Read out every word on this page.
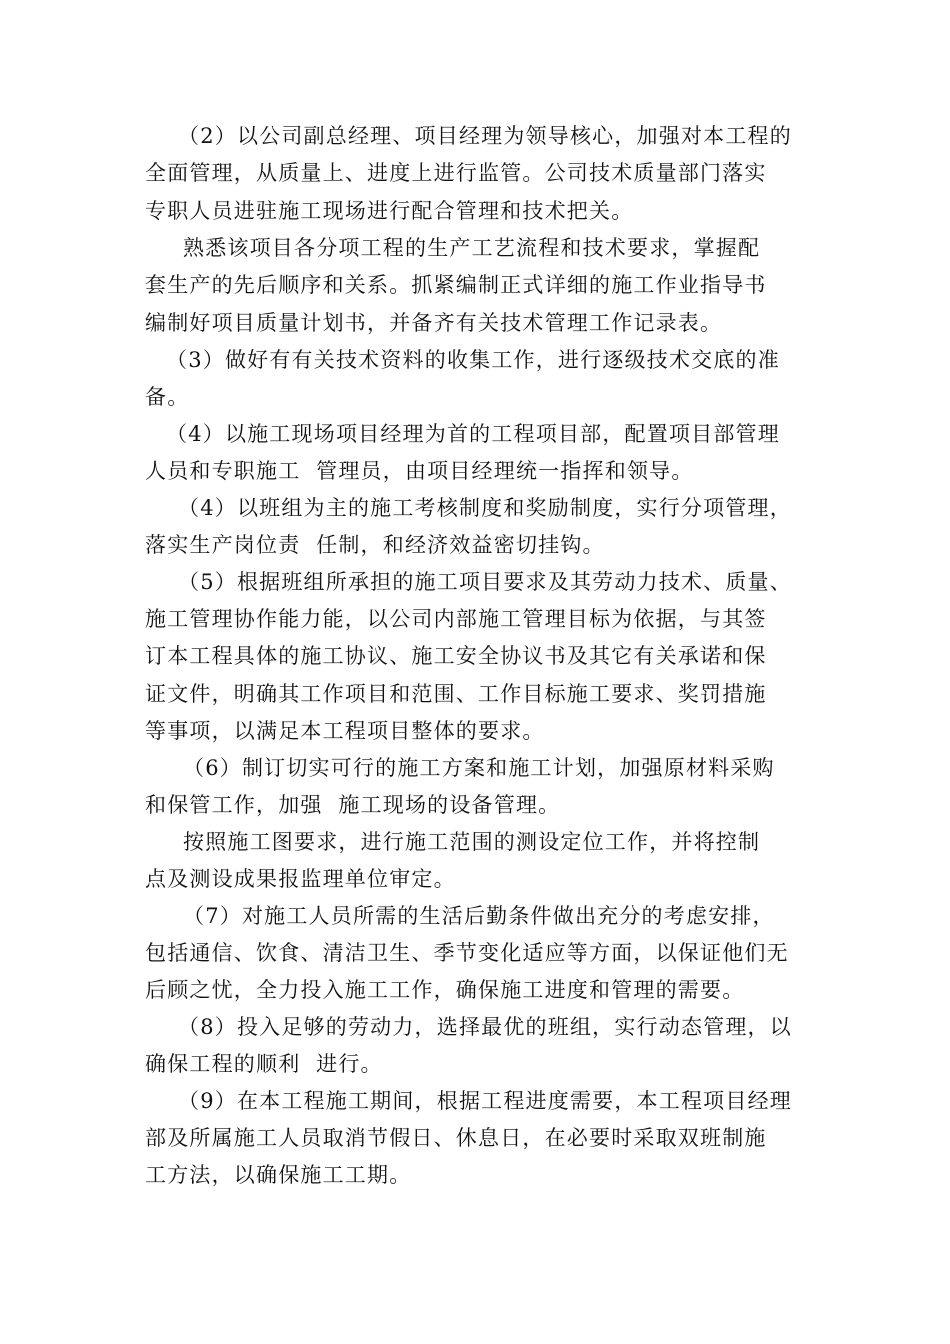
（2）以公司副总经理、项目经理为领导核心，加强对本工程的
全面管理，从质量上、进度上进行监管。公司技术质量部门落实
专职人员进驻施工现场进行配合管理和技术把关。
熟悉该项目各分项工程的生产工艺流程和技术要求，掌握配
套生产的先后顺序和关系。抓紧编制正式详细的施工作业指导书
编制好项目质量计划书，并备齐有关技术管理工作记录表。
（3）做好有有关技术资料的收集工作，进行逐级技术交底的准
备。
（4）以施工现场项目经理为首的工程项目部，配置项目部管理
人员和专职施工  管理员，由项目经理统一指挥和领导。
（4）以班组为主的施工考核制度和奖励制度，实行分项管理，
落实生产岗位责  任制，和经济效益密切挂钩。
（5）根据班组所承担的施工项目要求及其劳动力技术、质量、
施工管理协作能力能，以公司内部施工管理目标为依据，与其签
订本工程具体的施工协议、施工安全协议书及其它有关承诺和保
证文件，明确其工作项目和范围、工作目标施工要求、奖罚措施
等事项，以满足本工程项目整体的要求。
（6）制订切实可行的施工方案和施工计划，加强原材料采购
和保管工作，加强  施工现场的设备管理。
按照施工图要求，进行施工范围的测设定位工作，并将控制
点及测设成果报监理单位审定。
（7）对施工人员所需的生活后勤条件做出充分的考虑安排，
包括通信、饮食、清洁卫生、季节变化适应等方面，以保证他们无
后顾之忧，全力投入施工工作，确保施工进度和管理的需要。
（8）投入足够的劳动力，选择最优的班组，实行动态管理，以
确保工程的顺利  进行。
（9）在本工程施工期间，根据工程进度需要，本工程项目经理
部及所属施工人员取消节假日、休息日，在必要时采取双班制施
工方法，以确保施工工期。
